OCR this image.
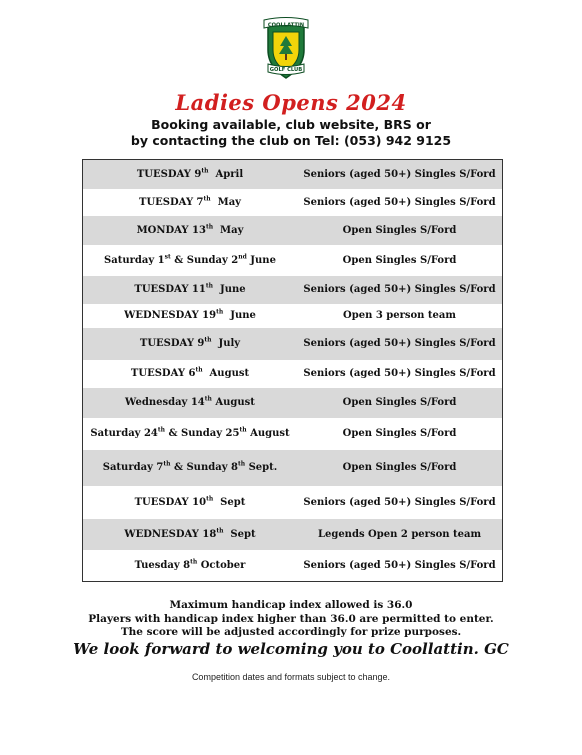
COOLLATTIN
GOLF CLUB
Ladies Opens 2024
Booking available, club website, BRS or
by contacting the club on Tel: (053) 942 9125
TUESDAY 9th  April	Seniors (aged 50+) Singles S/Ford
TUESDAY 7th  May	Seniors (aged 50+) Singles S/Ford
MONDAY 13th  May	Open Singles S/Ford
Saturday 1st & Sunday 2nd June	Open Singles S/Ford
TUESDAY 11th  June	Seniors (aged 50+) Singles S/Ford
WEDNESDAY 19th  June	Open 3 person team
TUESDAY 9th  July	Seniors (aged 50+) Singles S/Ford
TUESDAY 6th  August	Seniors (aged 50+) Singles S/Ford
Wednesday 14th August	Open Singles S/Ford
Saturday 24th & Sunday 25th August	Open Singles S/Ford
Saturday 7th & Sunday 8th Sept.	Open Singles S/Ford
TUESDAY 10th  Sept	Seniors (aged 50+) Singles S/Ford
WEDNESDAY 18th  Sept	Legends Open 2 person team
Tuesday 8th October	Seniors (aged 50+) Singles S/Ford
Maximum handicap index allowed is 36.0
Players with handicap index higher than 36.0 are permitted to enter.
The score will be adjusted accordingly for prize purposes.
We look forward to welcoming you to Coollattin. GC
Competition dates and formats subject to change.
